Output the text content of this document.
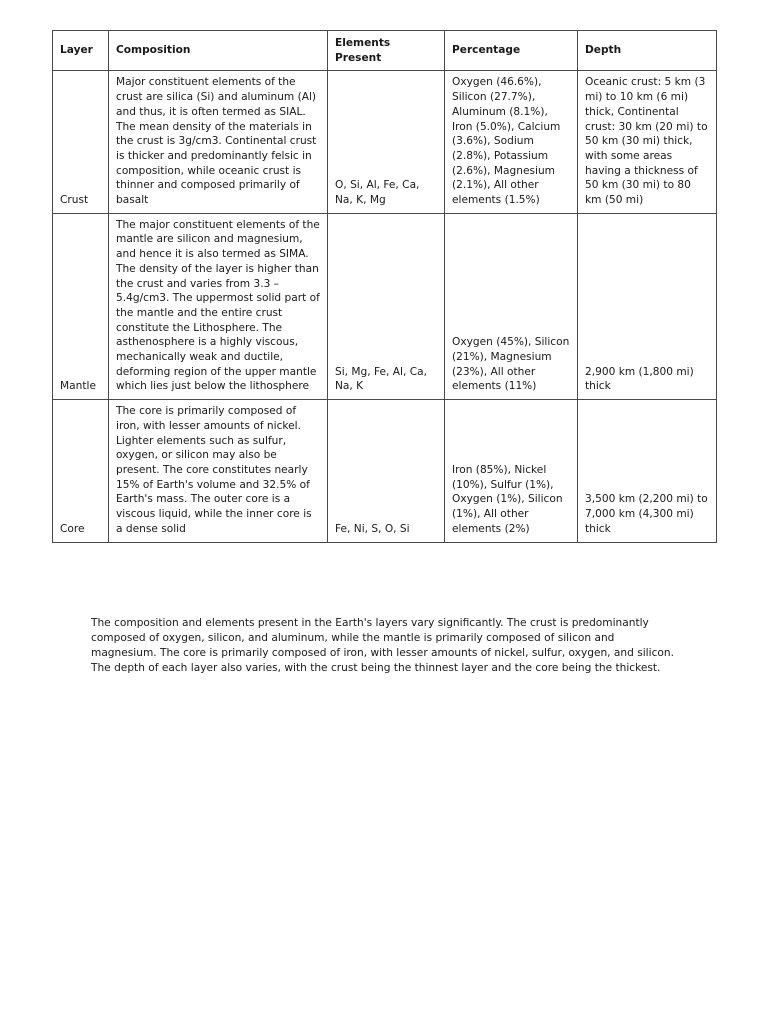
Layer	Composition	Elements Present	Percentage	Depth
Crust	Major constituent elements of the crust are silica (Si) and aluminum (Al) and thus, it is often termed as SIAL. The mean density of the materials in the crust is 3g/cm3. Continental crust is thicker and predominantly felsic in composition, while oceanic crust is thinner and composed primarily of basalt	O, Si, Al, Fe, Ca, Na, K, Mg	Oxygen (46.6%), Silicon (27.7%), Aluminum (8.1%), Iron (5.0%), Calcium (3.6%), Sodium (2.8%), Potassium (2.6%), Magnesium (2.1%), All other elements (1.5%)	Oceanic crust: 5 km (3 mi) to 10 km (6 mi) thick, Continental crust: 30 km (20 mi) to 50 km (30 mi) thick, with some areas having a thickness of 50 km (30 mi) to 80 km (50 mi)
Mantle	The major constituent elements of the mantle are silicon and magnesium, and hence it is also termed as SIMA. The density of the layer is higher than the crust and varies from 3.3 – 5.4g/cm3. The uppermost solid part of the mantle and the entire crust constitute the Lithosphere. The asthenosphere is a highly viscous, mechanically weak and ductile, deforming region of the upper mantle which lies just below the lithosphere	Si, Mg, Fe, Al, Ca, Na, K	Oxygen (45%), Silicon (21%), Magnesium (23%), All other elements (11%)	2,900 km (1,800 mi) thick
Core	The core is primarily composed of iron, with lesser amounts of nickel. Lighter elements such as sulfur, oxygen, or silicon may also be present. The core constitutes nearly 15% of Earth's volume and 32.5% of Earth's mass. The outer core is a viscous liquid, while the inner core is a dense solid	Fe, Ni, S, O, Si	Iron (85%), Nickel (10%), Sulfur (1%), Oxygen (1%), Silicon (1%), All other elements (2%)	3,500 km (2,200 mi) to 7,000 km (4,300 mi) thick

The composition and elements present in the Earth's layers vary significantly. The crust is predominantly composed of oxygen, silicon, and aluminum, while the mantle is primarily composed of silicon and magnesium. The core is primarily composed of iron, with lesser amounts of nickel, sulfur, oxygen, and silicon. The depth of each layer also varies, with the crust being the thinnest layer and the core being the thickest.
